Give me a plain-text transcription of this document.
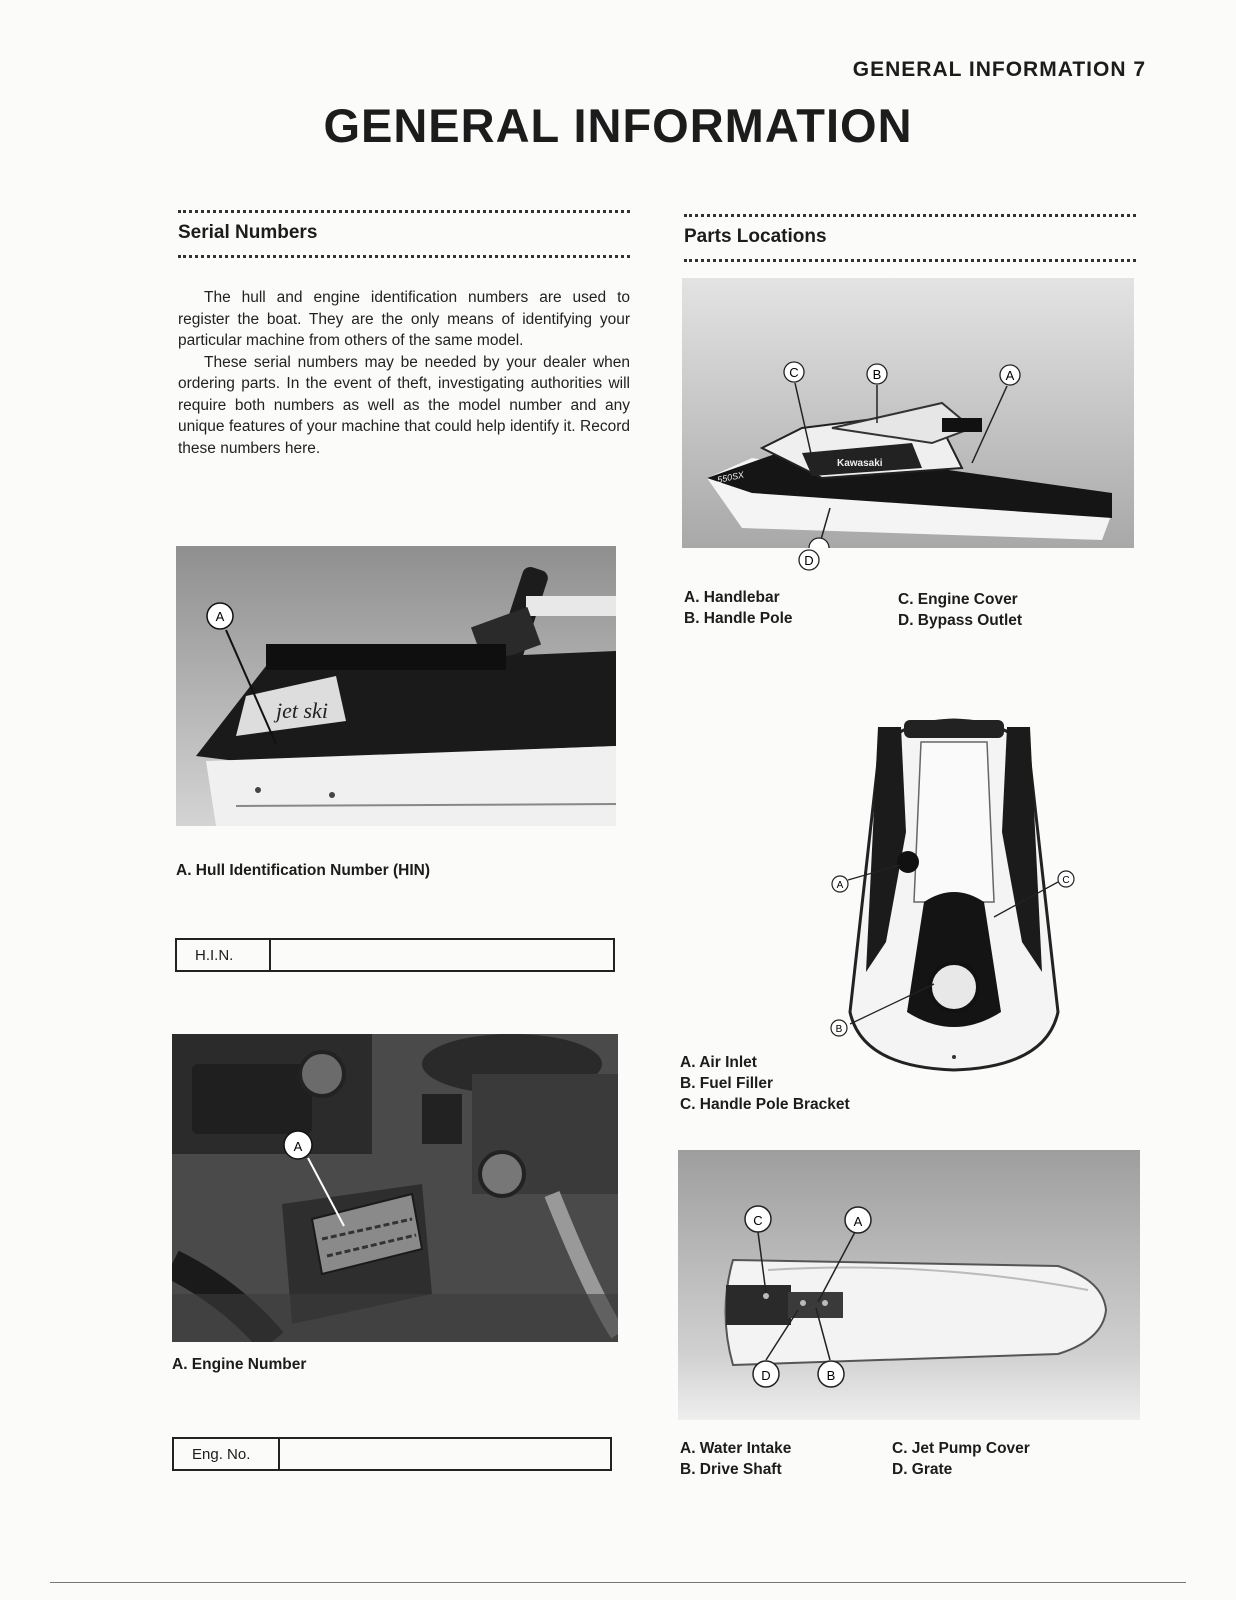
GENERAL INFORMATION 7
GENERAL INFORMATION
Serial Numbers

The hull and engine identification numbers are used to register the boat. They are the only means of identifying your particular machine from others of the same model.

These serial numbers may be needed by your dealer when ordering parts. In the event of theft, investigating authorities will require both numbers as well as the model number and any unique features of your machine that could help identify it. Record these numbers here.

jet ski
A
A. Hull Identification Number (HIN)
H.I.N.
A
A. Engine Number
Eng. No.
Parts Locations
Kawasaki
550SX
C	B	A
D
A. Handlebar
B. Handle Pole
C. Engine Cover
D. Bypass Outlet
A	C
B
A. Air Inlet
B. Fuel Filler
C. Handle Pole Bracket
C	A
D	B
A. Water Intake
B. Drive Shaft
C. Jet Pump Cover
D. Grate
